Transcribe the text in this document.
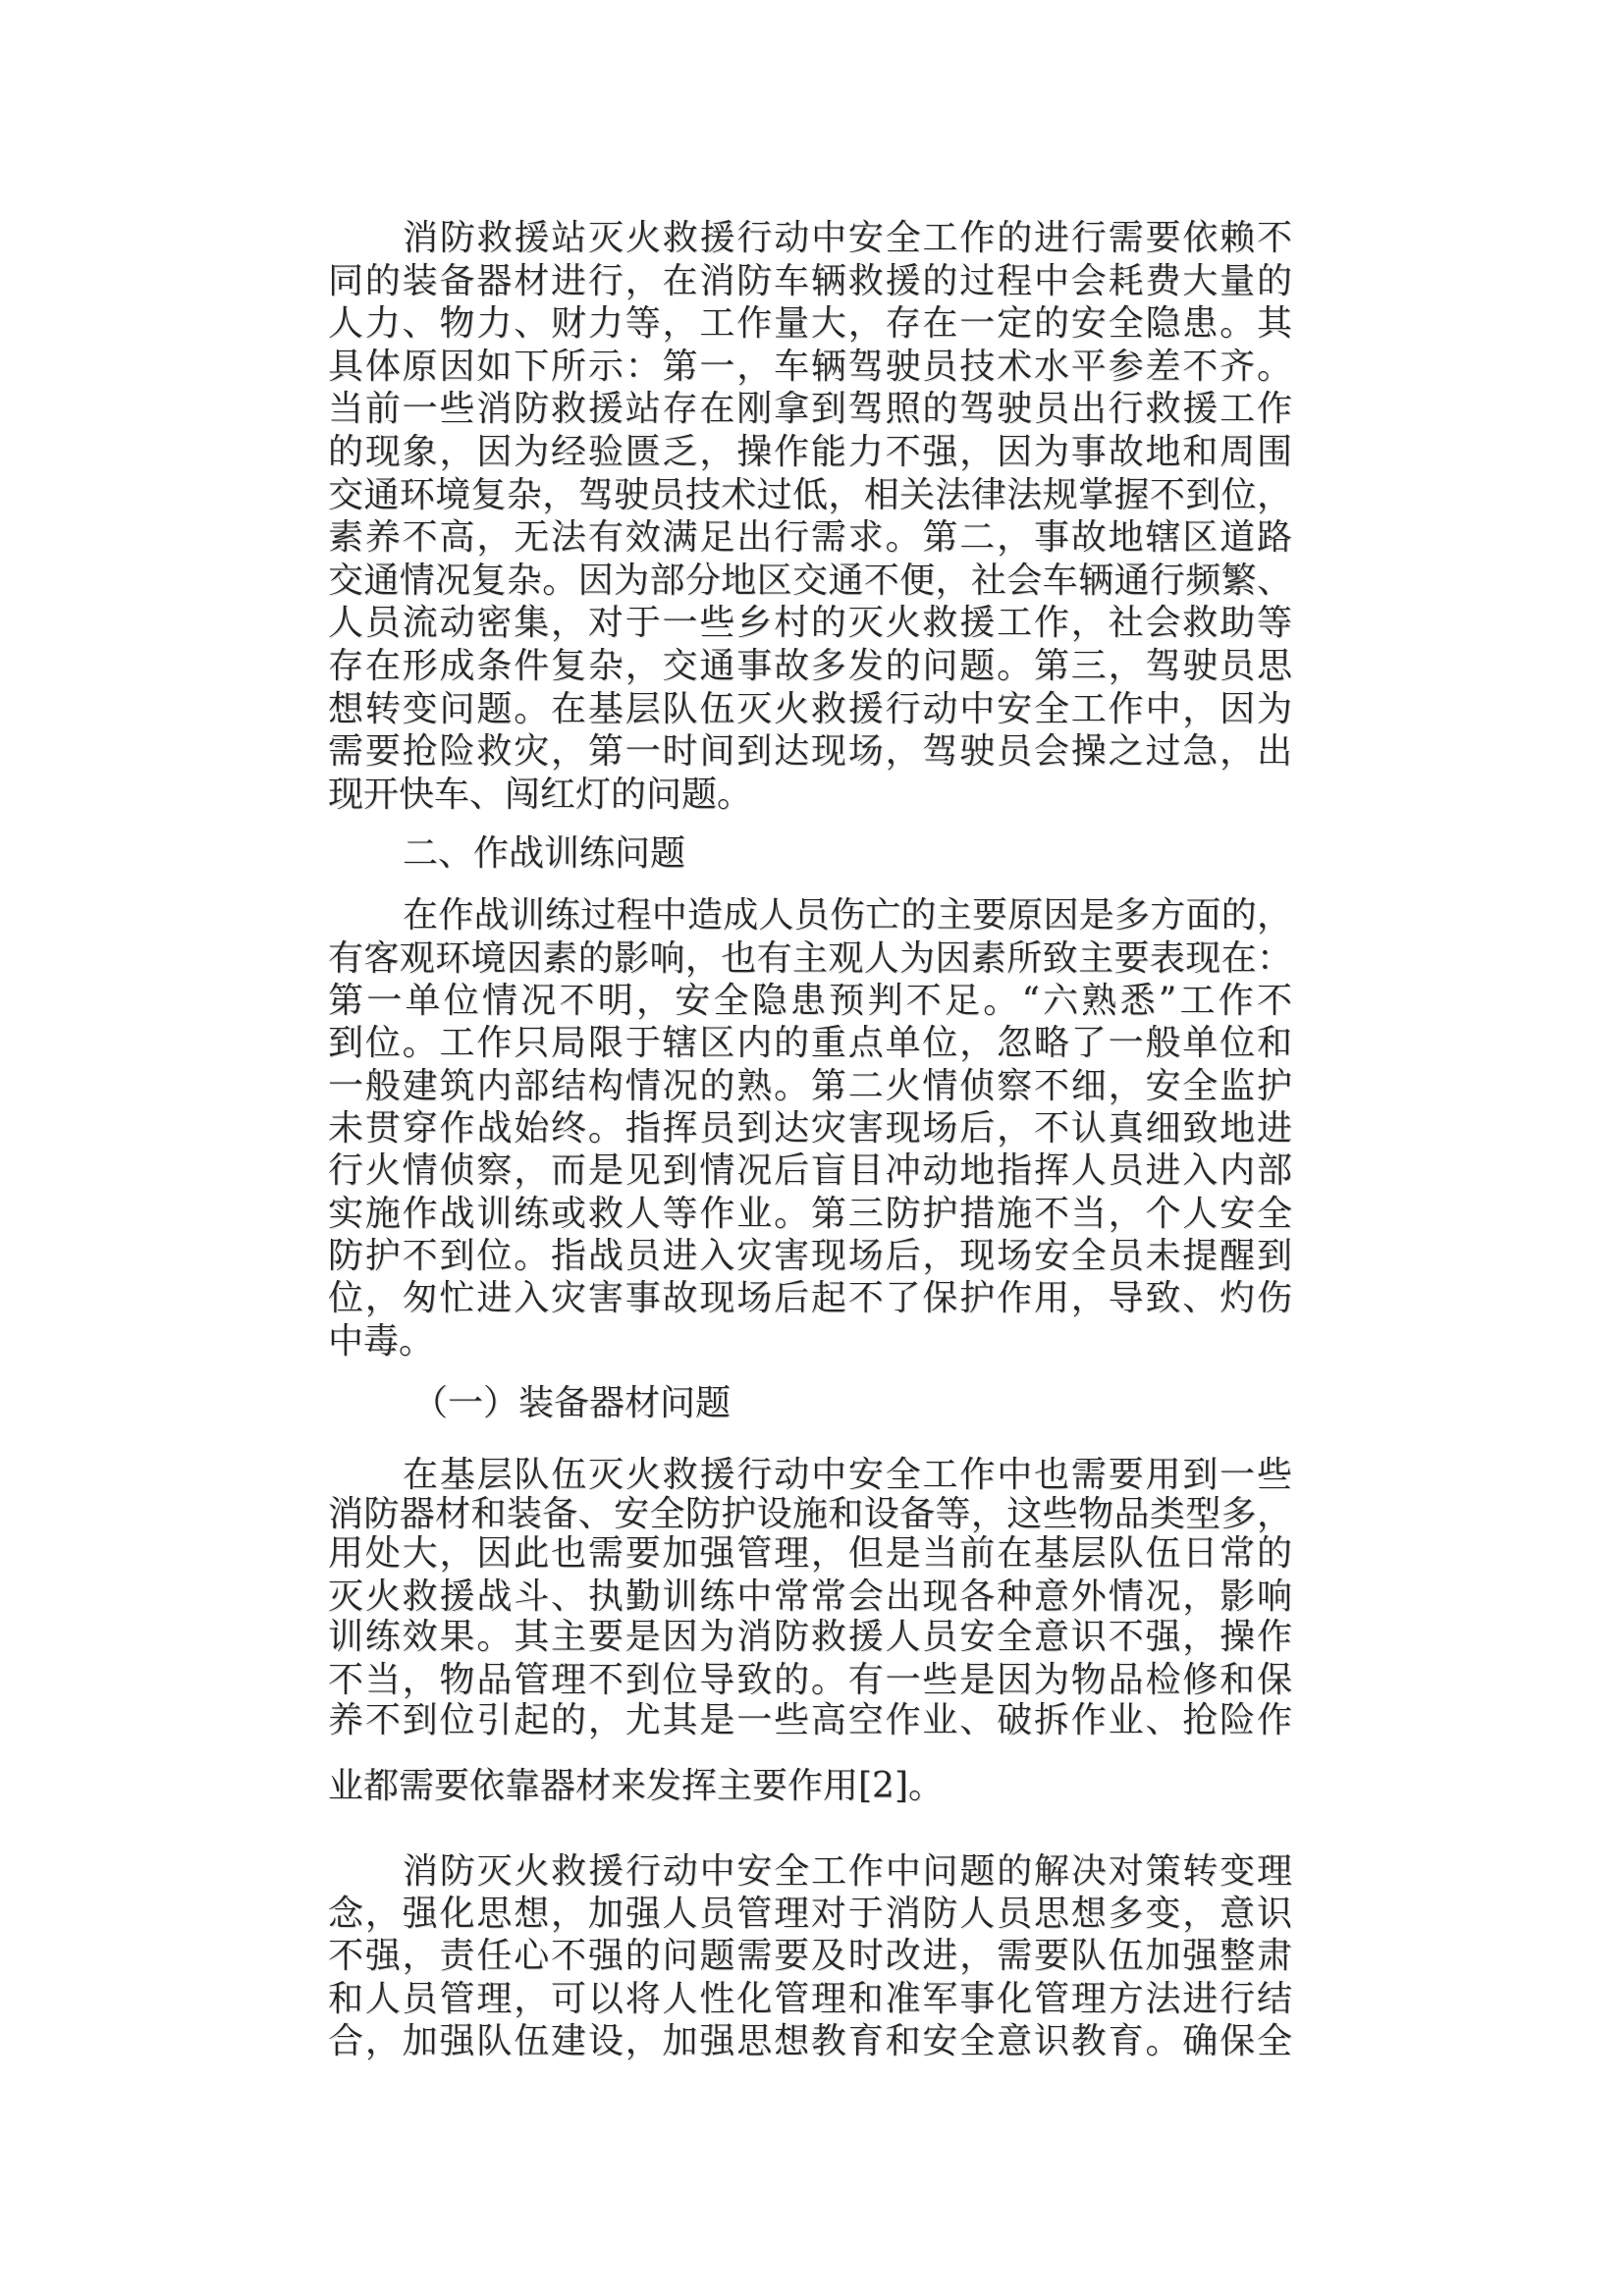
消防救援站灭火救援行动中安全工作的进行需要依赖不
同的装备器材进行，在消防车辆救援的过程中会耗费大量的
人力、物力、财力等，工作量大，存在一定的安全隐患。其
具体原因如下所示：第一，车辆驾驶员技术水平参差不齐。
当前一些消防救援站存在刚拿到驾照的驾驶员出行救援工作
的现象，因为经验匮乏，操作能力不强，因为事故地和周围
交通环境复杂，驾驶员技术过低，相关法律法规掌握不到位，
素养不高，无法有效满足出行需求。第二，事故地辖区道路
交通情况复杂。因为部分地区交通不便，社会车辆通行频繁、
人员流动密集，对于一些乡村的灭火救援工作，社会救助等
存在形成条件复杂，交通事故多发的问题。第三，驾驶员思
想转变问题。在基层队伍灭火救援行动中安全工作中，因为
需要抢险救灾，第一时间到达现场，驾驶员会操之过急，出
现开快车、闯红灯的问题。
二、作战训练问题
在作战训练过程中造成人员伤亡的主要原因是多方面的，
有客观环境因素的影响，也有主观人为因素所致主要表现在：
第一单位情况不明，安全隐患预判不足。“六熟悉”工作不
到位。工作只局限于辖区内的重点单位，忽略了一般单位和
一般建筑内部结构情况的熟。第二火情侦察不细，安全监护
未贯穿作战始终。指挥员到达灾害现场后，不认真细致地进
行火情侦察，而是见到情况后盲目冲动地指挥人员进入内部
实施作战训练或救人等作业。第三防护措施不当，个人安全
防护不到位。指战员进入灾害现场后，现场安全员未提醒到
位，匆忙进入灾害事故现场后起不了保护作用，导致、灼伤
中毒。
（一）装备器材问题
在基层队伍灭火救援行动中安全工作中也需要用到一些
消防器材和装备、安全防护设施和设备等，这些物品类型多，
用处大，因此也需要加强管理，但是当前在基层队伍日常的
灭火救援战斗、执勤训练中常常会出现各种意外情况，影响
训练效果。其主要是因为消防救援人员安全意识不强，操作
不当，物品管理不到位导致的。有一些是因为物品检修和保
养不到位引起的，尤其是一些高空作业、破拆作业、抢险作
业都需要依靠器材来发挥主要作用[2]。
消防灭火救援行动中安全工作中问题的解决对策转变理
念，强化思想，加强人员管理对于消防人员思想多变，意识
不强，责任心不强的问题需要及时改进，需要队伍加强整肃
和人员管理，可以将人性化管理和准军事化管理方法进行结
合，加强队伍建设，加强思想教育和安全意识教育。确保全
